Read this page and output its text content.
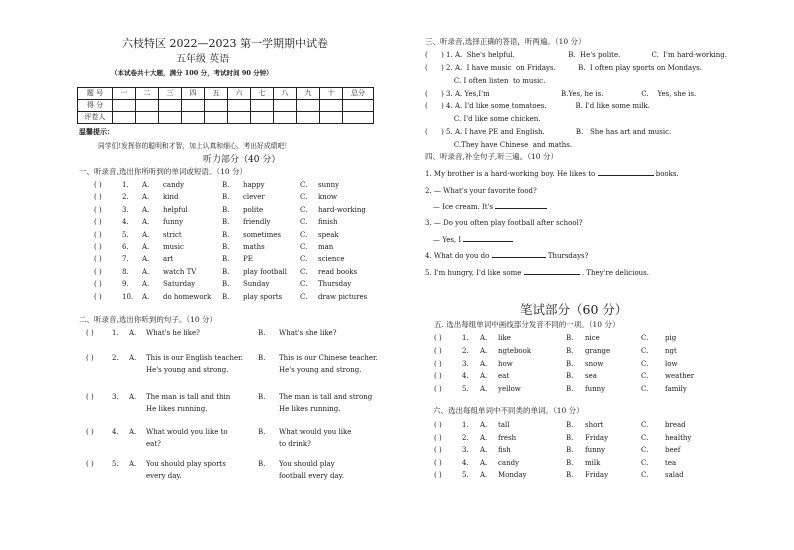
六枝特区 2022—2023 第一学期期中试卷
五年级 英语
（本试卷共十大题，满分 100 分，考试时间 90 分钟）
题 号	一	二	三	四	五	六	七	八	九	十	总分
得 分											
评卷人											
温馨提示：
同学们!发挥你的聪明和才智，加上认真和细心，考出好成绩吧！
听力部分（40 分）
一、听录音,选出你所听到的单词或短语。（10 分）
( )	1. A. candy	B. happy	C. sunny
( )	2. A. kind	B. clever	C. know
( )	3. A. helpful	B. polite	C. hard-working
( )	4. A. funny	B. friendly	C. finish
( )	5. A. strict	B. sometimes	C. speak
( )	6. A. music	B. maths	C. man
( )	7. A. art	B. PE	C. science
( )	8. A. watch TV	B. play football C. read books
( )	9. A. Saturday	B. Sunday	C. Thursday
( )	10. A. do homework B. play sports	C. draw pictures
二、听录音,选出你听到的句子。（10 分）
( )	1. A. What's he like?	B. What's she like?
( )	2. A. This is our English teacher.
He's young and strong.
B. This is our Chinese teacher.
He's young and strong.
( )	3. A. The man is tall and thin
He likes running.
B. The man is tall and strong
He likes running.
( )	4. A. What would you like to
eat?
B. What would you like
to drink?
( )	5. A. You should play sports
every day.
B. You should play
football every day.
三、听录音,选择正确的答语，听两遍。（10 分）
(      ) 1. A.  She's helpful.                        B.  He's polite.              C.  I'm hard-working.
(      ) 2. A.  I have music  on Fridays.          B.  I often play sports on Mondays.
C. I often listen  to music.
(      ) 3. A. Yes,I'm                                B.Yes, he is.                 C.    Yes, she is.
(      ) 4. A. I'd like some tomatoes.             B. I'd like some milk.
C. I'd like some chicken.
(      ) 5. A. I have PE and English.              B.   She has art and music.
C.They have Chinese  and maths.
四、听录音,补全句子,听三遍。（10 分）
1. My brother is a hard-working boy. He likes to	books.
2. — What's your favorite food?
— Ice cream. It's
3. — Do you often play football after school?
— Yes, I
4. What do you do	Thursdays?
5. I'm hungry, I'd like some	. They're delicious.
笔试部分（60 分）
五. 选出每组单词中画线部分发音不同的一项。（10 分）
( )	1. A. like	B. nice	C. pig
( )	2. A. ngtebook	B. grange	C. ngt
( )	3. A. how	B. snow	C. low
( )	4. A. eat	B. sea	C. weather
( )	5. A. yellow	B. funny	C. family
六、选出每组单词中不同类的单词。（10 分）
( )	1. A. tall	B. short	C. bread
( )	2. A. fresh	B. Friday	C. healthy
( )	3. A. fish	B. funny	C. beef
( )	4. A. candy	B. milk	C. tea
( )	5. A. Monday	B. Friday	C. salad
